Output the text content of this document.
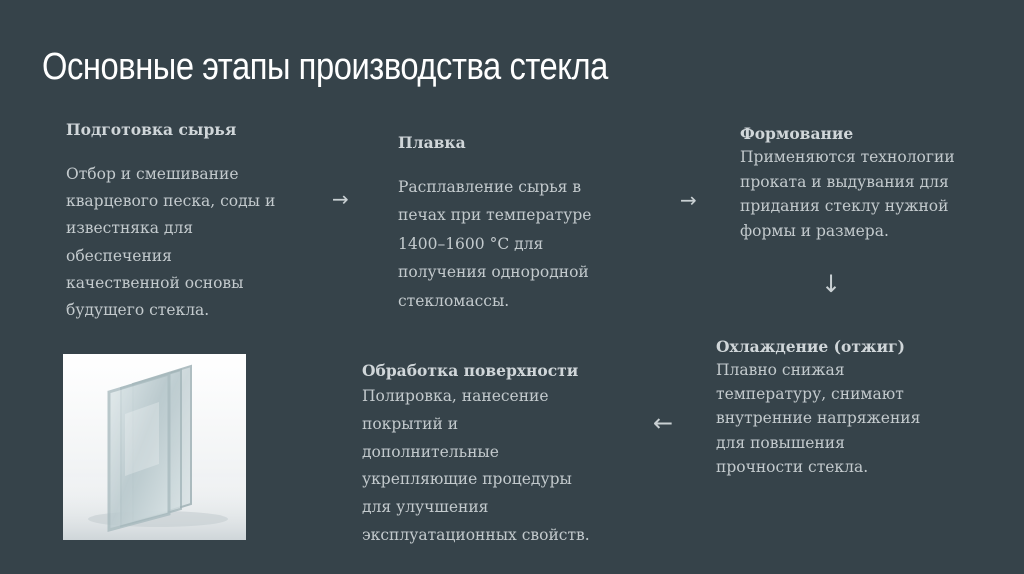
Основные этапы производства стекла
Подготовка сырья
Отбор и смешивание
кварцевого песка, соды и
известняка для
обеспечения
качественной основы
будущего стекла.
→
Плавка
Расплавление сырья в
печах при температуре
1400–1600 °C для
получения однородной
стекломассы.
→
Формование
Применяются технологии
проката и выдувания для
придания стеклу нужной
формы и размера.
↓
Охлаждение (отжиг)
Плавно снижая
температуру, снимают
внутренние напряжения
для повышения
прочности стекла.
←
Обработка поверхности
Полировка, нанесение
покрытий и
дополнительные
укрепляющие процедуры
для улучшения
эксплуатационных свойств.
